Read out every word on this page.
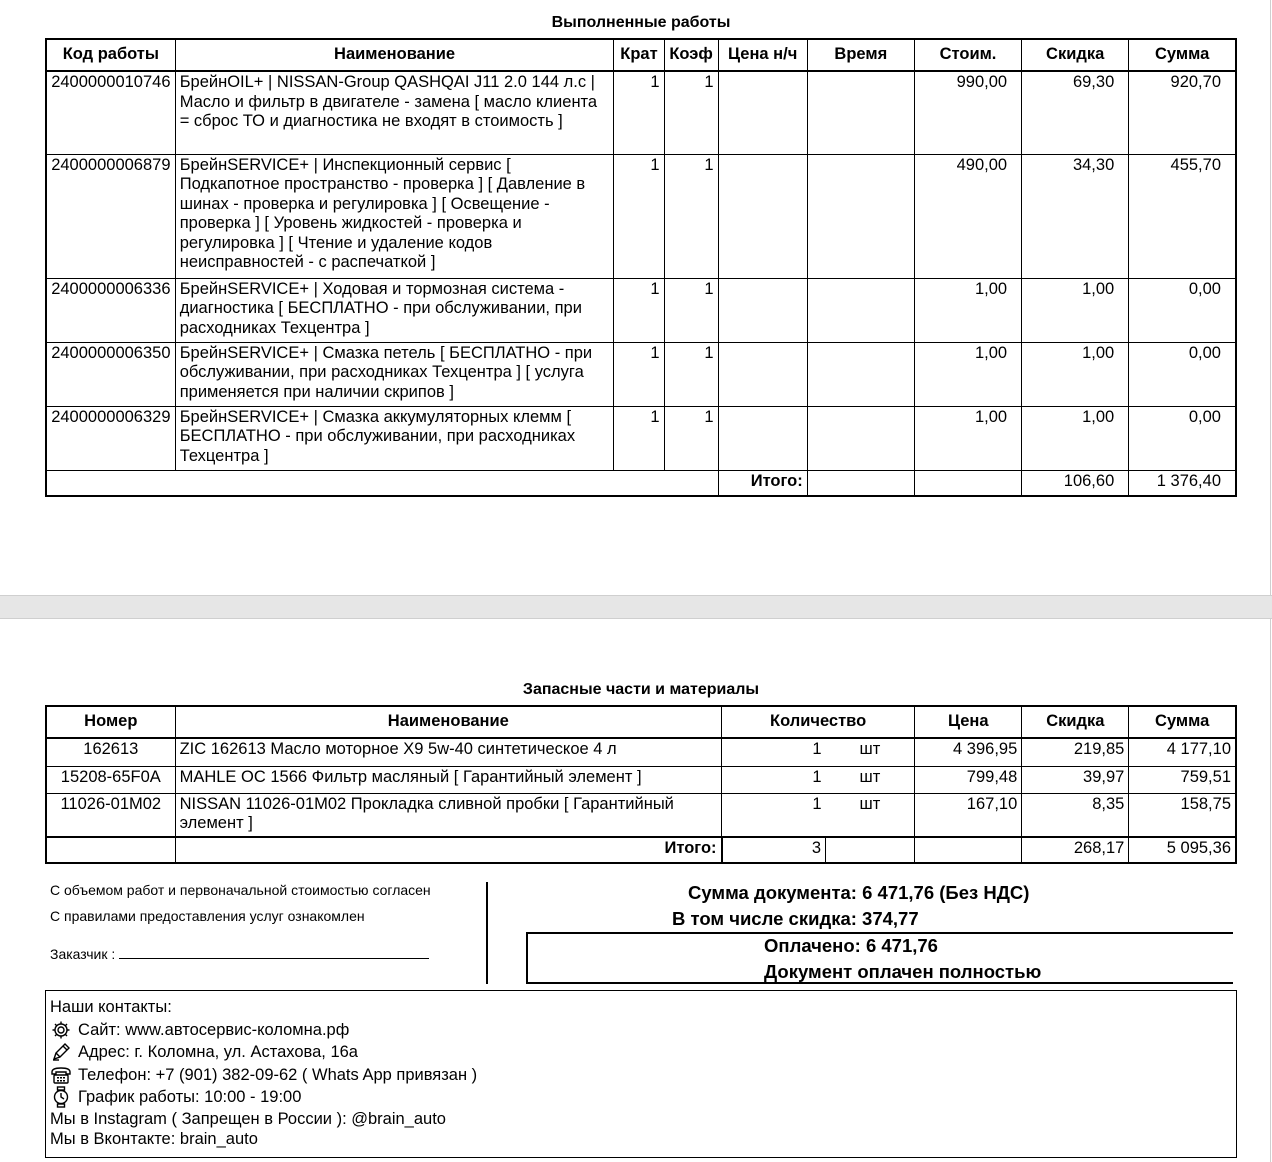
Выполненные работы
Код работы	Наименование	Крат	Коэф	Цена н/ч	Время	Стоим.	Скидка	Сумма
2400000010746	БрейнOIL+ | NISSAN-Group QASHQAI J11 2.0 144 л.с | Масло и фильтр в двигателе - замена [ масло клиента = сброс ТО и диагностика не входят в стоимость ]	1	1			990,00	69,30	920,70
2400000006879	БрейнSERVICE+ | Инспекционный сервис [ Подкапотное пространство - проверка ] [ Давление в шинах - проверка и регулировка ] [ Освещение - проверка ] [ Уровень жидкостей - проверка и регулировка ] [ Чтение и удаление кодов неисправностей - с распечаткой ]	1	1			490,00	34,30	455,70
2400000006336	БрейнSERVICE+ | Ходовая и тормозная система - диагностика [ БЕСПЛАТНО - при обслуживании, при расходниках Техцентра ]	1	1			1,00	1,00	0,00
2400000006350	БрейнSERVICE+ | Смазка петель [ БЕСПЛАТНО - при обслуживании, при расходниках Техцентра ] [ услуга применяется при наличии скрипов ]	1	1			1,00	1,00	0,00
2400000006329	БрейнSERVICE+ | Смазка аккумуляторных клемм [ БЕСПЛАТНО - при обслуживании, при расходниках Техцентра ]	1	1			1,00	1,00	0,00
				Итого:			106,60	1 376,40
Запасные части и материалы
Номер	Наименование	Количество		Цена	Скидка	Сумма
162613	ZIC 162613 Масло моторное X9 5w-40 синтетическое 4 л	1	шт	4 396,95	219,85	4 177,10
15208-65F0A	MAHLE OC 1566 Фильтр масляный [ Гарантийный элемент ]	1	шт	799,48	39,97	759,51
11026-01M02	NISSAN 11026-01M02 Прокладка сливной пробки [ Гарантийный элемент ]	1	шт	167,10	8,35	158,75
	Итого:	3			268,17	5 095,36
С объемом работ и первоначальной стоимостью согласен
С правилами предоставления услуг ознакомлен
Заказчик :
Сумма документа: 6 471,76 (Без НДС)
В том числе скидка: 374,77
Оплачено: 6 471,76
Документ оплачен полностью
Наши контакты:
Сайт: www.автосервис-коломна.рф
Адрес: г. Коломна, ул. Астахова, 16а
Телефон: +7 (901) 382-09-62 ( Whats App привязан )
График работы: 10:00 - 19:00
Мы в Instagram ( Запрещен в России ): @brain_auto
Мы в Вконтакте: brain_auto
